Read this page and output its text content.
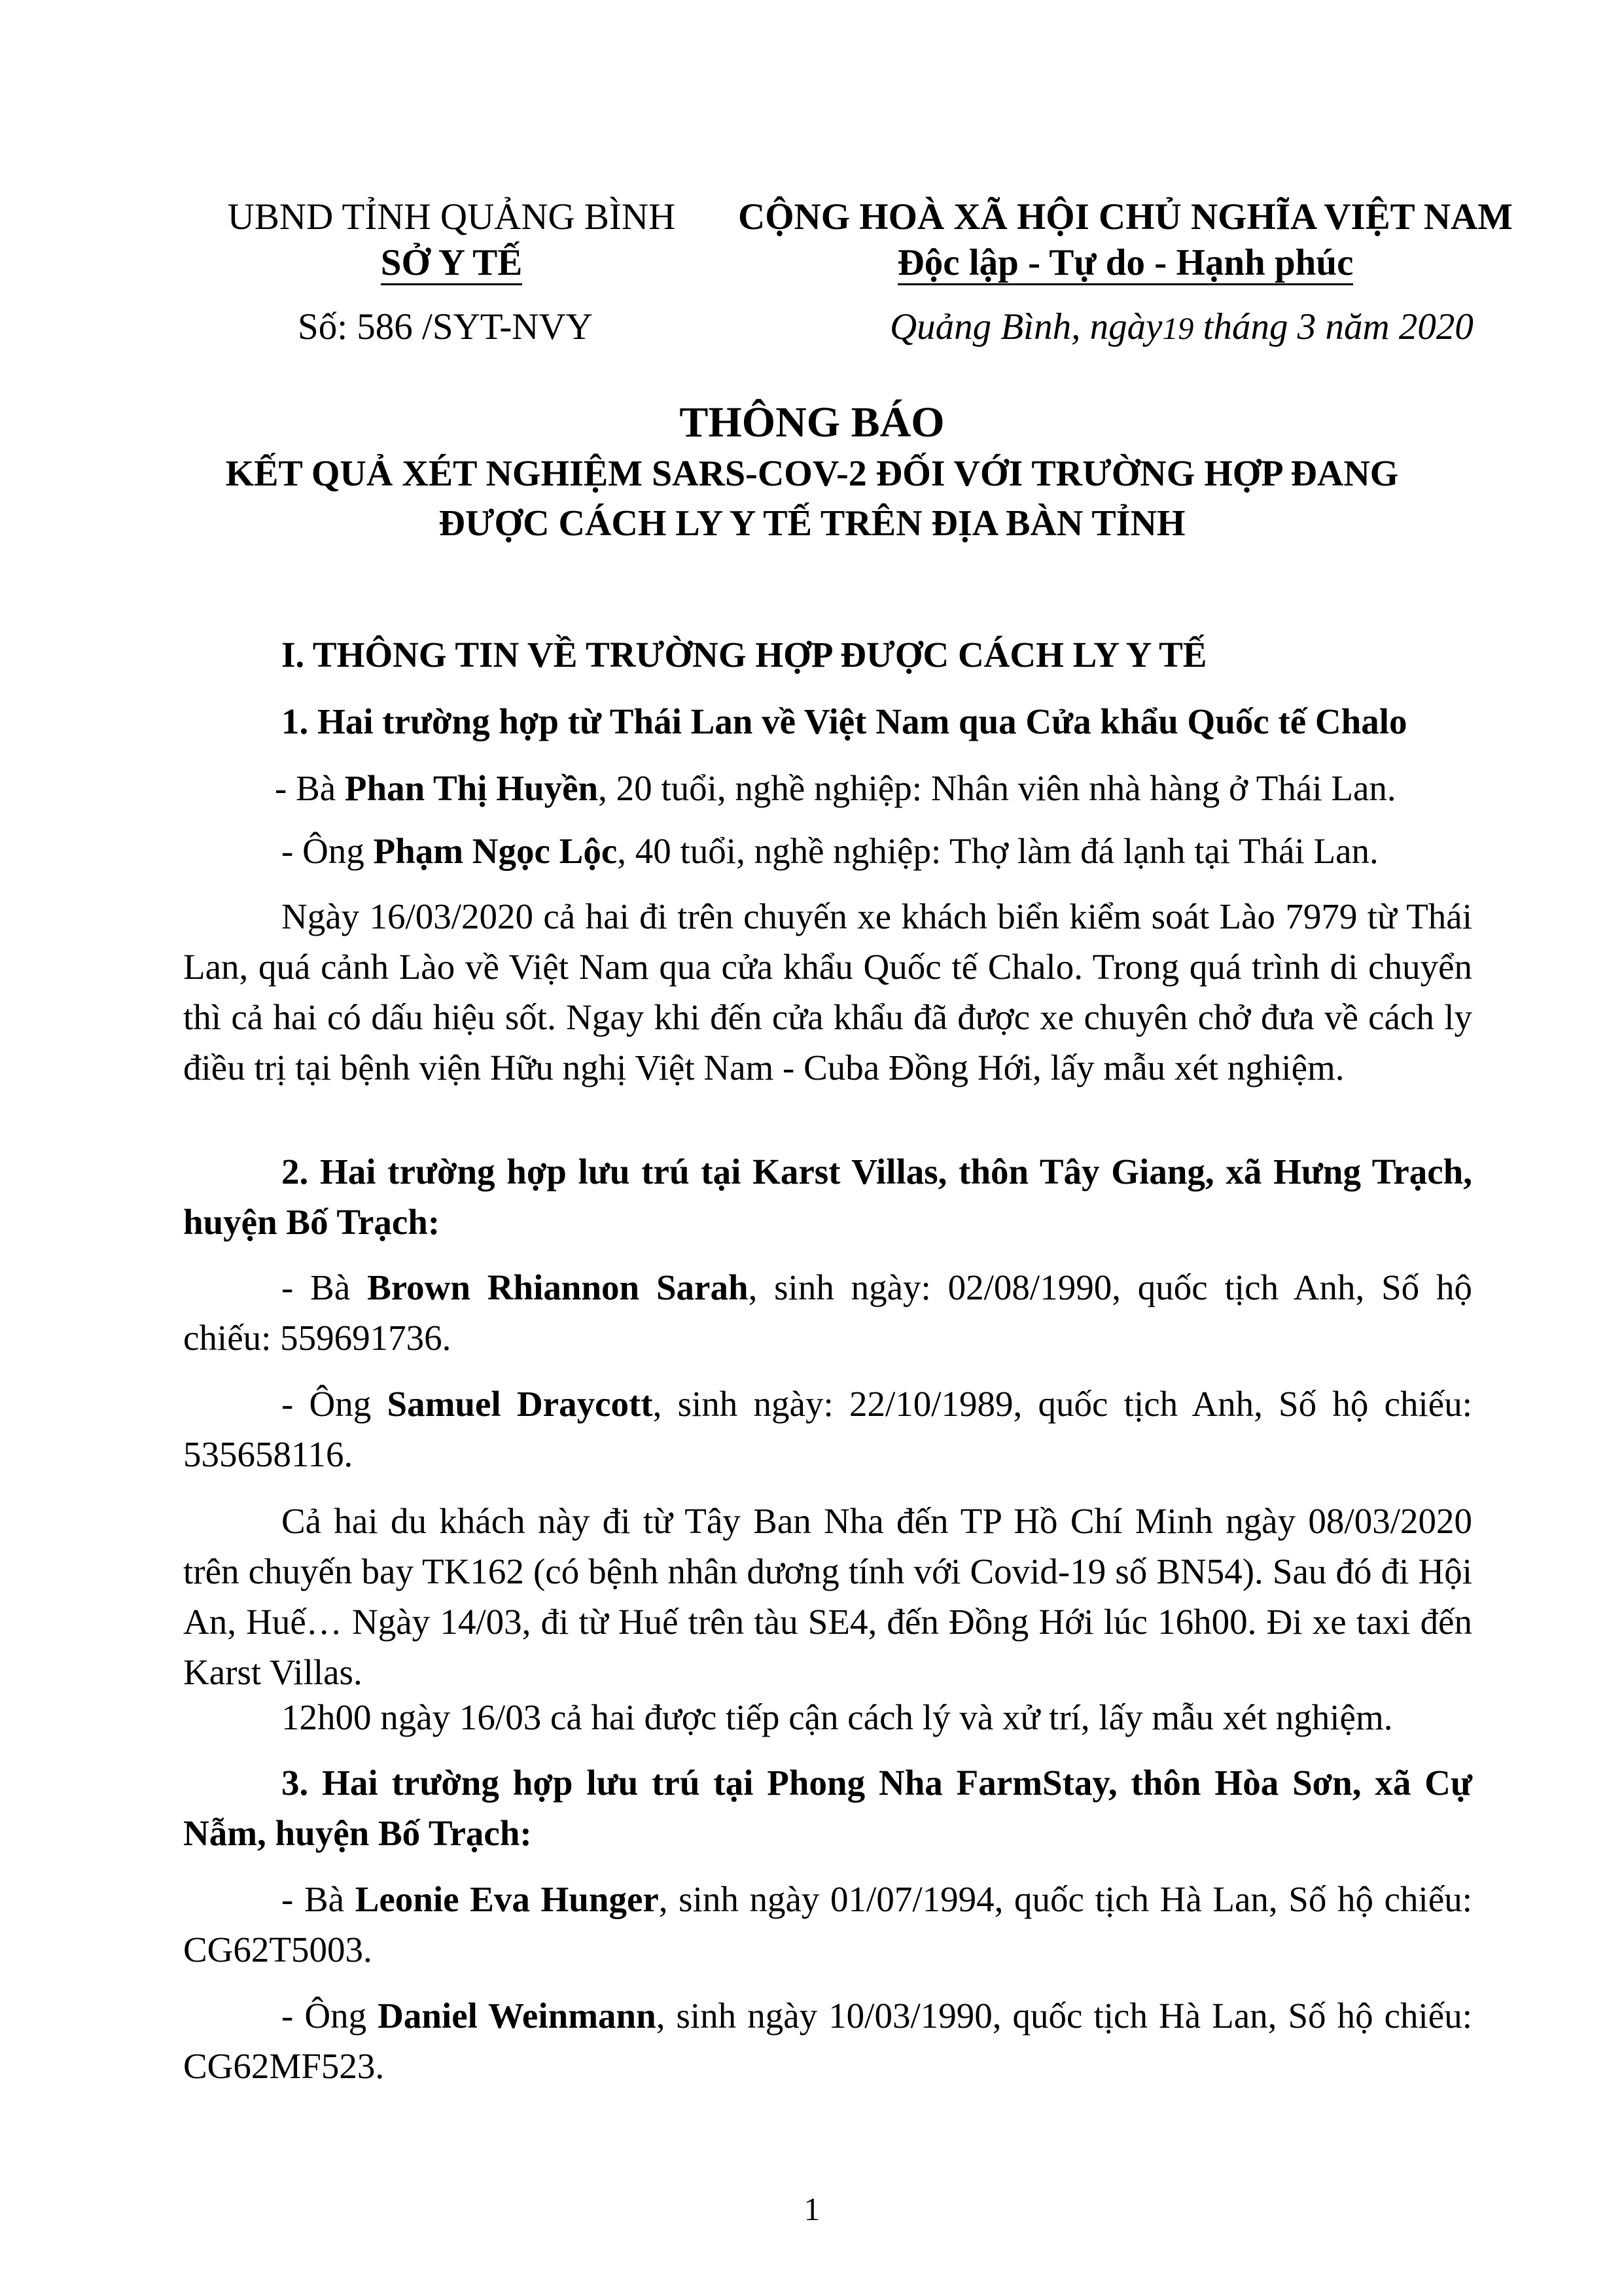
UBND TỈNH QUẢNG BÌNH
SỞ Y TẾ
CỘNG HOÀ XÃ HỘI CHỦ NGHĨA VIỆT NAM
Độc lập - Tự do - Hạnh phúc
Số: 586 /SYT-NVY	Quảng Bình, ngày19 tháng 3 năm 2020
THÔNG BÁO
KẾT QUẢ XÉT NGHIỆM SARS-COV-2 ĐỐI VỚI TRƯỜNG HỢP ĐANG
ĐƯỢC CÁCH LY Y TẾ TRÊN ĐỊA BÀN TỈNH
I. THÔNG TIN VỀ TRƯỜNG HỢP ĐƯỢC CÁCH LY Y TẾ
1. Hai trường hợp từ Thái Lan về Việt Nam qua Cửa khẩu Quốc tế Chalo
- Bà Phan Thị Huyền, 20 tuổi, nghề nghiệp: Nhân viên nhà hàng ở Thái Lan.
- Ông Phạm Ngọc Lộc, 40 tuổi, nghề nghiệp: Thợ làm đá lạnh tại Thái Lan.
Ngày 16/03/2020 cả hai đi trên chuyến xe khách biển kiểm soát Lào 7979 từ Thái Lan, quá cảnh Lào về Việt Nam qua cửa khẩu Quốc tế Chalo. Trong quá trình di chuyển thì cả hai có dấu hiệu sốt. Ngay khi đến cửa khẩu đã được xe chuyên chở đưa về cách ly điều trị tại bệnh viện Hữu nghị Việt Nam - Cuba Đồng Hới, lấy mẫu xét nghiệm.
2. Hai trường hợp lưu trú tại Karst Villas, thôn Tây Giang, xã Hưng Trạch, huyện Bố Trạch:
- Bà Brown Rhiannon Sarah, sinh ngày: 02/08/1990, quốc tịch Anh, Số hộ chiếu: 559691736.
- Ông Samuel Draycott, sinh ngày: 22/10/1989, quốc tịch Anh, Số hộ chiếu: 535658116.
Cả hai du khách này đi từ Tây Ban Nha đến TP Hồ Chí Minh ngày 08/03/2020 trên chuyến bay TK162 (có bệnh nhân dương tính với Covid-19 số BN54). Sau đó đi Hội An, Huế… Ngày 14/03, đi từ Huế trên tàu SE4, đến Đồng Hới lúc 16h00. Đi xe taxi đến Karst Villas.
12h00 ngày 16/03 cả hai được tiếp cận cách lý và xử trí, lấy mẫu xét nghiệm.
3. Hai trường hợp lưu trú tại Phong Nha FarmStay, thôn Hòa Sơn, xã Cự Nẫm, huyện Bố Trạch:
- Bà Leonie Eva Hunger, sinh ngày 01/07/1994, quốc tịch Hà Lan, Số hộ chiếu: CG62T5003.
- Ông Daniel Weinmann, sinh ngày 10/03/1990, quốc tịch Hà Lan, Số hộ chiếu: CG62MF523.
1
